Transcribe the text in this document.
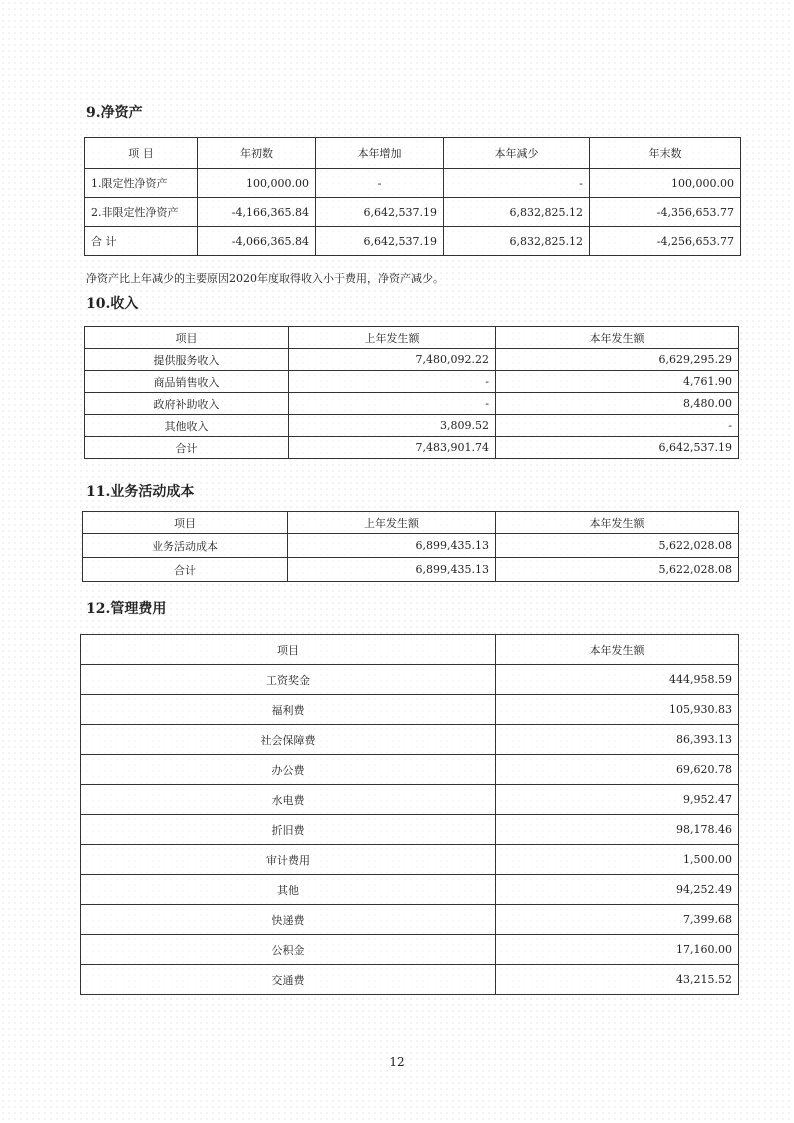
9.净资产
项 目	年初数	本年增加	本年减少	年末数
1.限定性净资产	100,000.00	-	-	100,000.00
2.非限定性净资产	-4,166,365.84	6,642,537.19	6,832,825.12	-4,356,653.77
合 计	-4,066,365.84	6,642,537.19	6,832,825.12	-4,256,653.77
净资产比上年减少的主要原因2020年度取得收入小于费用，净资产减少。
10.收入
项目	上年发生额	本年发生额
提供服务收入	7,480,092.22	6,629,295.29
商品销售收入	-	4,761.90
政府补助收入	-	8,480.00
其他收入	3,809.52	-
合计	7,483,901.74	6,642,537.19
11.业务活动成本
项目	上年发生额	本年发生额
业务活动成本	6,899,435.13	5,622,028.08
合计	6,899,435.13	5,622,028.08
12.管理费用
项目	本年发生额
工资奖金	444,958.59
福利费	105,930.83
社会保障费	86,393.13
办公费	69,620.78
水电费	9,952.47
折旧费	98,178.46
审计费用	1,500.00
其他	94,252.49
快递费	7,399.68
公积金	17,160.00
交通费	43,215.52
12
